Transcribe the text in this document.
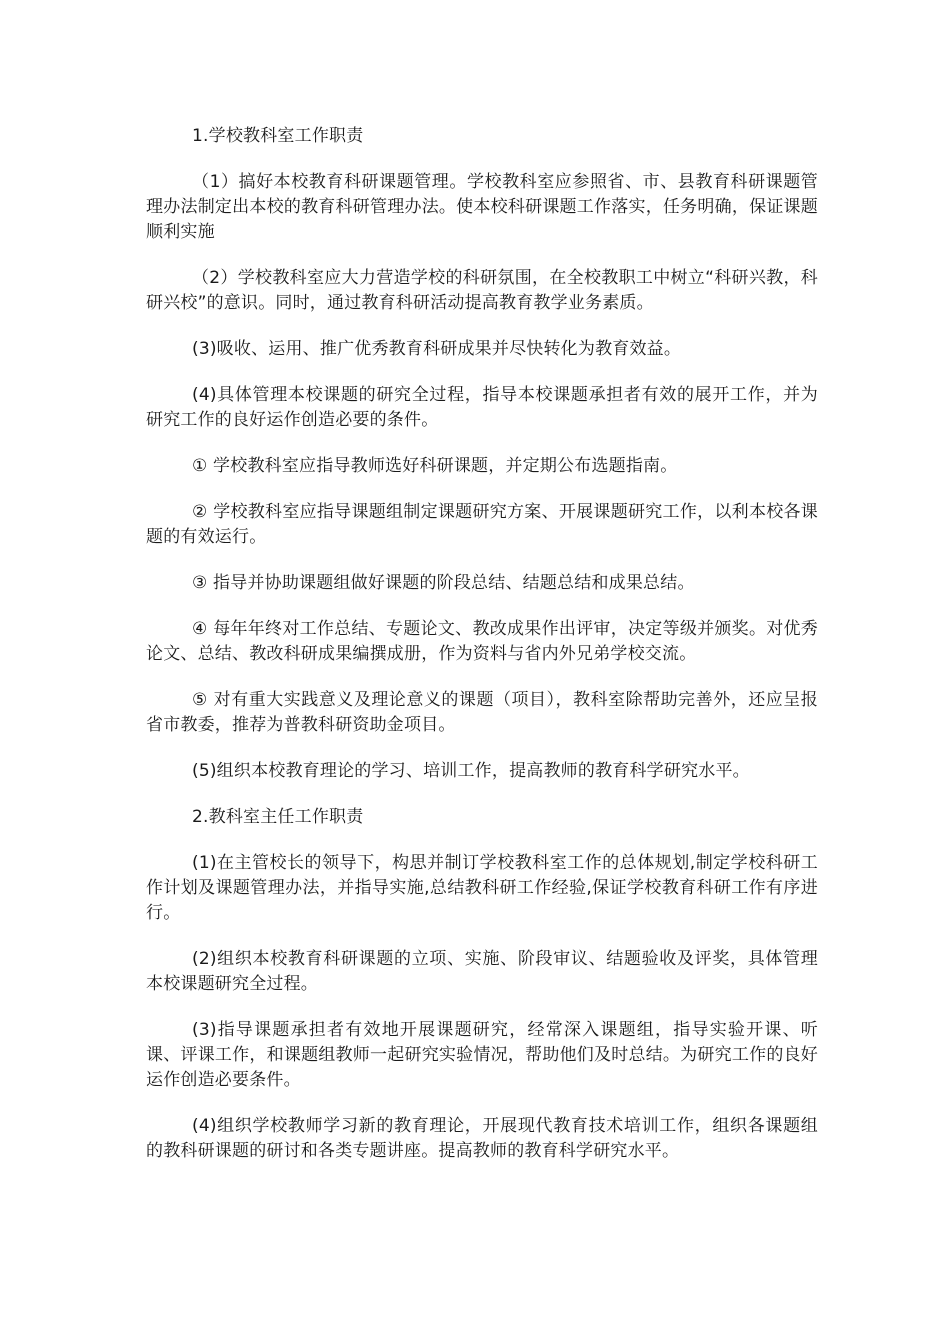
1.学校教科室工作职责

（1）搞好本校教育科研课题管理。学校教科室应参照省、市、县教育科研课题管理办法制定出本校的教育科研管理办法。使本校科研课题工作落实，任务明确，保证课题顺利实施

（2）学校教科室应大力营造学校的科研氛围，在全校教职工中树立“科研兴教，科研兴校”的意识。同时，通过教育科研活动提高教育教学业务素质。

(3)吸收、运用、推广优秀教育科研成果并尽快转化为教育效益。

(4)具体管理本校课题的研究全过程，指导本校课题承担者有效的展开工作，并为研究工作的良好运作创造必要的条件。

① 学校教科室应指导教师选好科研课题，并定期公布选题指南。

② 学校教科室应指导课题组制定课题研究方案、开展课题研究工作，以利本校各课题的有效运行。

③ 指导并协助课题组做好课题的阶段总结、结题总结和成果总结。

④ 每年年终对工作总结、专题论文、教改成果作出评审，决定等级并颁奖。对优秀论文、总结、教改科研成果编撰成册，作为资料与省内外兄弟学校交流。

⑤ 对有重大实践意义及理论意义的课题（项目），教科室除帮助完善外，还应呈报省市教委，推荐为普教科研资助金项目。

(5)组织本校教育理论的学习、培训工作，提高教师的教育科学研究水平。

2.教科室主任工作职责

(1)在主管校长的领导下，构思并制订学校教科室工作的总体规划,制定学校科研工作计划及课题管理办法，并指导实施,总结教科研工作经验,保证学校教育科研工作有序进行。

(2)组织本校教育科研课题的立项、实施、阶段审议、结题验收及评奖，具体管理本校课题研究全过程。

(3)指导课题承担者有效地开展课题研究，经常深入课题组，指导实验开课、听课、评课工作，和课题组教师一起研究实验情况，帮助他们及时总结。为研究工作的良好运作创造必要条件。

(4)组织学校教师学习新的教育理论，开展现代教育技术培训工作，组织各课题组的教科研课题的研讨和各类专题讲座。提高教师的教育科学研究水平。
